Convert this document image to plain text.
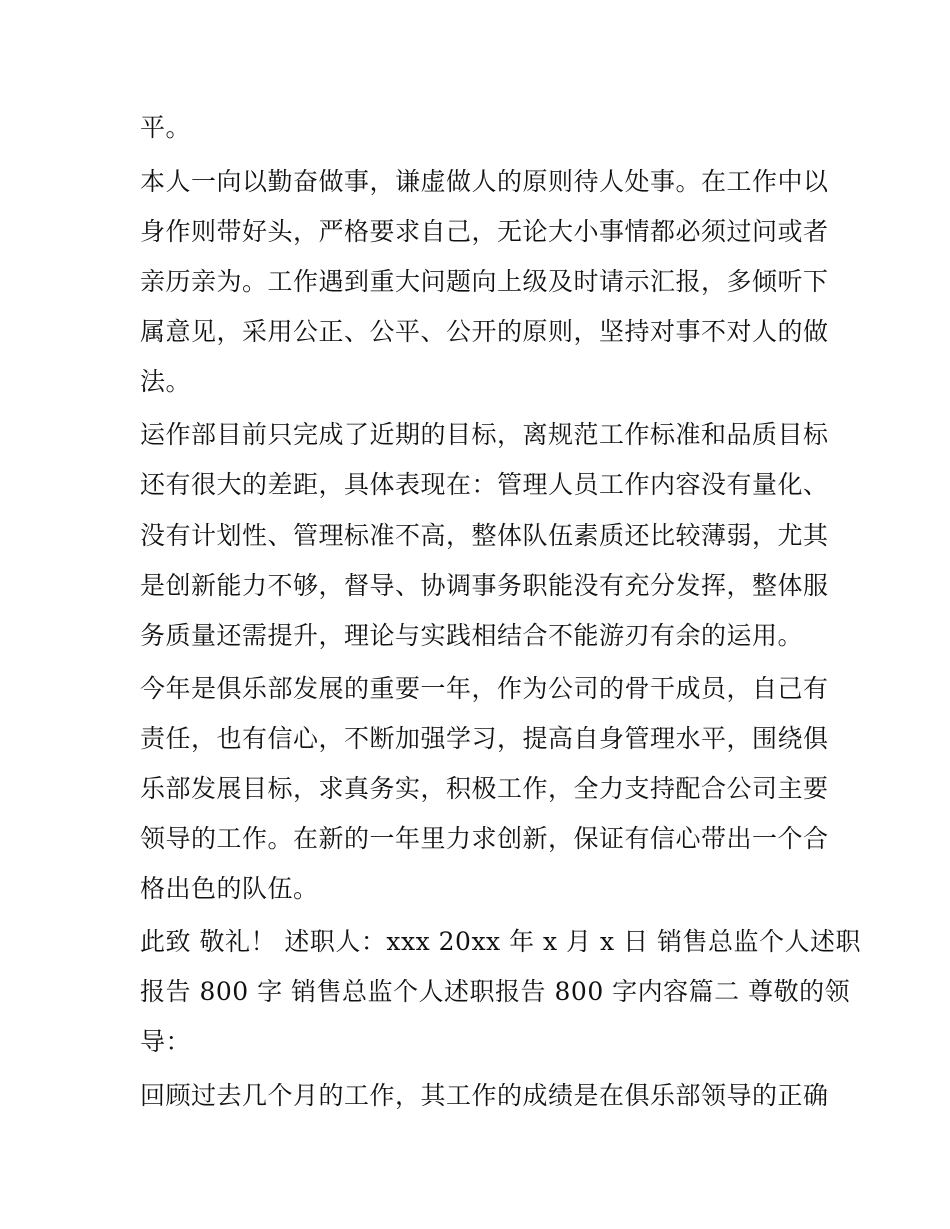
平。
本人一向以勤奋做事，谦虚做人的原则待人处事。在工作中以
身作则带好头，严格要求自己，无论大小事情都必须过问或者
亲历亲为。工作遇到重大问题向上级及时请示汇报，多倾听下
属意见，采用公正、公平、公开的原则，坚持对事不对人的做
法。
运作部目前只完成了近期的目标，离规范工作标准和品质目标
还有很大的差距，具体表现在：管理人员工作内容没有量化、
没有计划性、管理标准不高，整体队伍素质还比较薄弱，尤其
是创新能力不够，督导、协调事务职能没有充分发挥，整体服
务质量还需提升，理论与实践相结合不能游刃有余的运用。
今年是俱乐部发展的重要一年，作为公司的骨干成员，自己有
责任，也有信心，不断加强学习，提高自身管理水平，围绕俱
乐部发展目标，求真务实，积极工作，全力支持配合公司主要
领导的工作。在新的一年里力求创新，保证有信心带出一个合
格出色的队伍。
此致 敬礼！ 述职人：xxx 20xx 年 x 月 x 日 销售总监个人述职
报告 800 字 销售总监个人述职报告 800 字内容篇二 尊敬的领
导：
回顾过去几个月的工作，其工作的成绩是在俱乐部领导的正确
